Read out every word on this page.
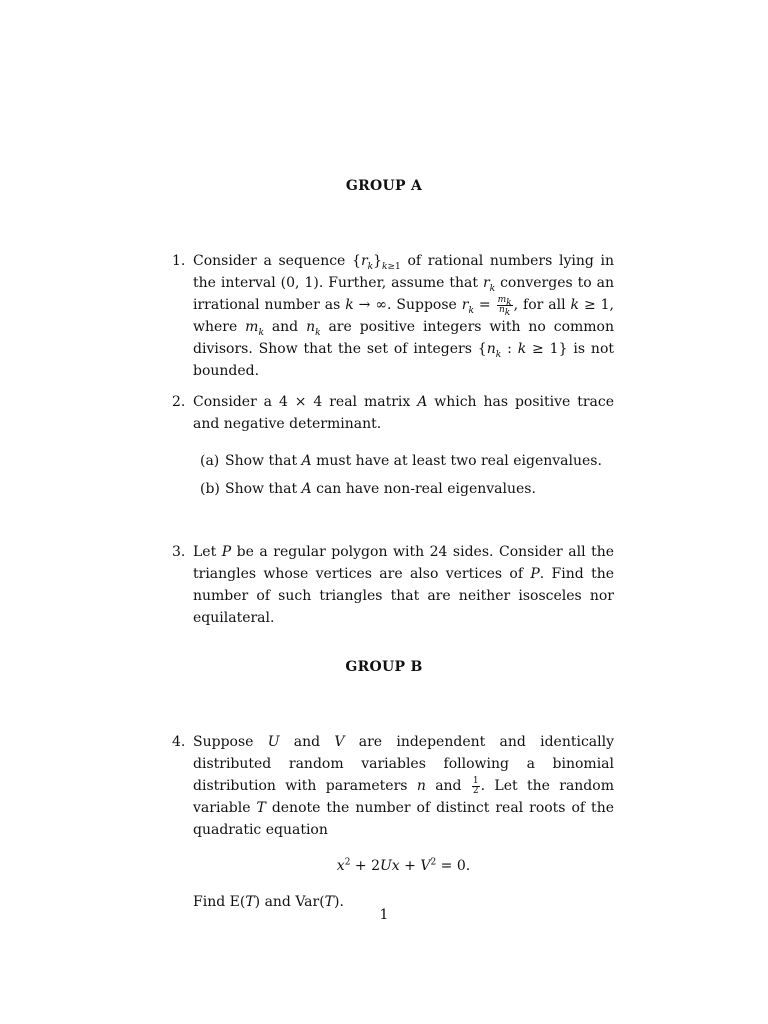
GROUP A
1. Consider a sequence $\{r_k\}_{k\ge 1}$ of rational numbers lying in the interval (0, 1). Further, assume that $r_k$ converges to an irrational number as k → ∞. Suppose $r_k = \frac{m_k}{n_k}$ , for all k ≥ 1, where $m_k$ and $n_k$ are positive integers with no common divisors. Show that the set of integers {$n_k$ : k ≥ 1} is not bounded.

2. Consider a 4 × 4 real matrix A which has positive trace and negative determinant.

(a) Show that A must have at least two real eigenvalues.
(b) Show that A can have non-real eigenvalues.
3. Let P be a regular polygon with 24 sides. Consider all the triangles whose vertices are also vertices of P. Find the number of such triangles that are neither isosceles nor equilateral.

GROUP B
4. Suppose U and V are independent and identically distributed random variables following a binomial distribution with parameters n and $\frac{1}{2}$ . Let the random variable T denote the number of distinct real roots of the quadratic equation

$x^2 + 2Ux + V^2 = 0$.

Find E(T) and Var(T).

1
